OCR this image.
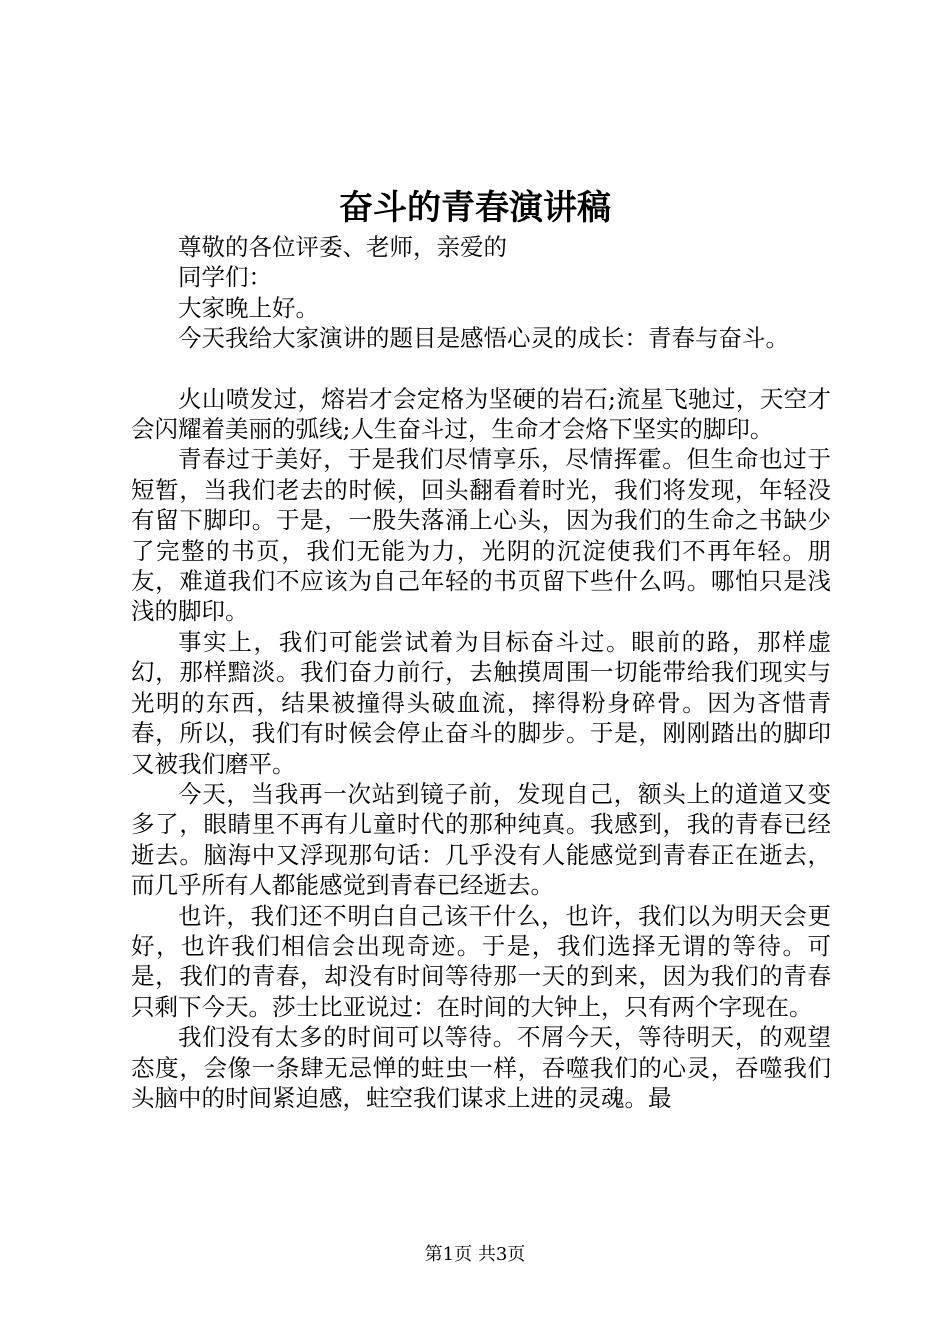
奋斗的青春演讲稿

尊敬的各位评委、老师，亲爱的

同学们：

大家晚上好。

今天我给大家演讲的题目是感悟心灵的成长：青春与奋斗。

火山喷发过，熔岩才会定格为坚硬的岩石;流星飞驰过，天空才会闪耀着美丽的弧线;人生奋斗过，生命才会烙下坚实的脚印。

青春过于美好，于是我们尽情享乐，尽情挥霍。但生命也过于短暂，当我们老去的时候，回头翻看着时光，我们将发现，年轻没有留下脚印。于是，一股失落涌上心头，因为我们的生命之书缺少了完整的书页，我们无能为力，光阴的沉淀使我们不再年轻。朋友，难道我们不应该为自己年轻的书页留下些什么吗。哪怕只是浅浅的脚印。

事实上，我们可能尝试着为目标奋斗过。眼前的路，那样虚幻，那样黯淡。我们奋力前行，去触摸周围一切能带给我们现实与光明的东西，结果被撞得头破血流，摔得粉身碎骨。因为吝惜青春，所以，我们有时候会停止奋斗的脚步。于是，刚刚踏出的脚印又被我们磨平。

今天，当我再一次站到镜子前，发现自己，额头上的道道又变多了，眼睛里不再有儿童时代的那种纯真。我感到，我的青春已经逝去。脑海中又浮现那句话：几乎没有人能感觉到青春正在逝去，而几乎所有人都能感觉到青春已经逝去。

也许，我们还不明白自己该干什么，也许，我们以为明天会更好，也许我们相信会出现奇迹。于是，我们选择无谓的等待。可是，我们的青春，却没有时间等待那一天的到来，因为我们的青春只剩下今天。莎士比亚说过：在时间的大钟上，只有两个字现在。

我们没有太多的时间可以等待。不屑今天，等待明天，的观望态度，会像一条肆无忌惮的蛀虫一样，吞噬我们的心灵，吞噬我们头脑中的时间紧迫感，蛀空我们谋求上进的灵魂。最

第1页 共3页
